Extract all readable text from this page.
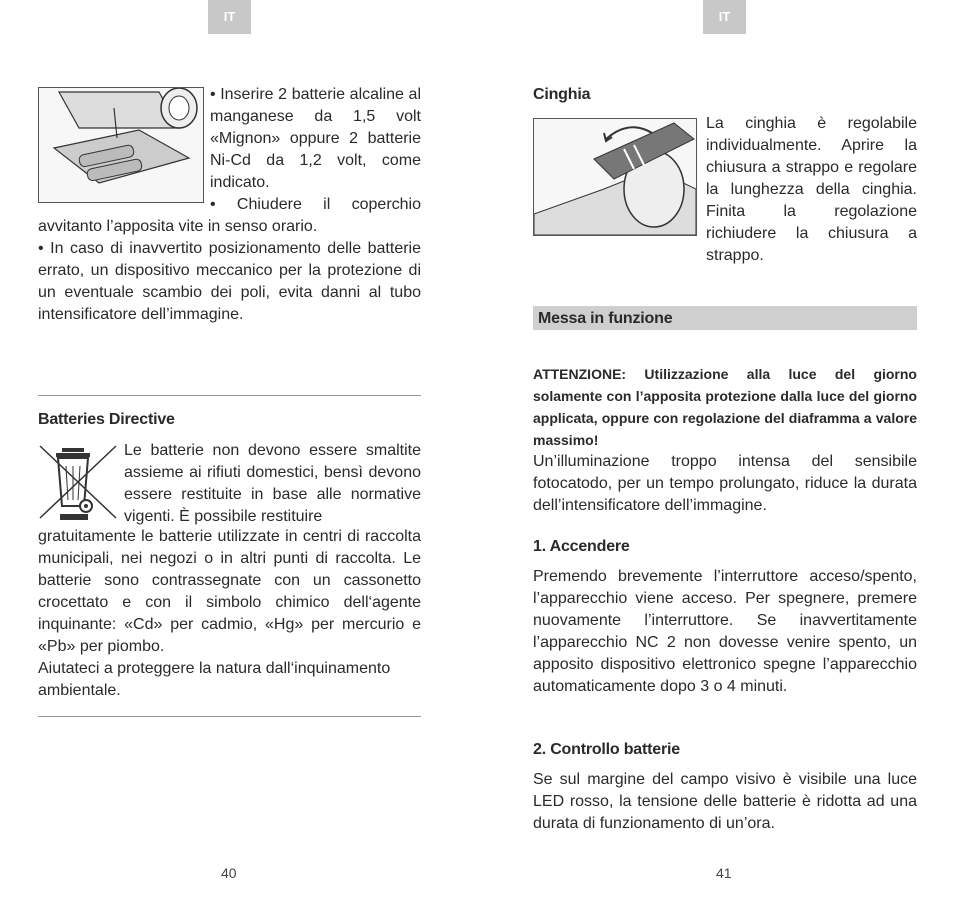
IT

• Inserire 2 batterie alcaline al manganese da 1,5 volt «Mignon» oppure 2 batterie Ni-Cd da 1,2 volt, come indicato.

• Chiudere il coperchio

avvitanto l’apposita vite in senso orario.

• In caso di inavvertito posizionamento delle batterie errato, un dispositivo meccanico per la protezione di un eventuale scambio dei poli, evita danni al tubo intensificatore dell’immagine.

Batteries Directive

Le batterie non devono essere smaltite assieme ai rifiuti domestici, bensì devono essere restituite in base alle normative vigenti. È possibile restituire

gratuitamente le batterie utilizzate in centri di raccolta municipali, nei negozi o in altri punti di raccolta. Le batterie sono contrassegnate con un cassonetto crocettato e con il simbolo chimico dell‘agente inquinante: «Cd» per cadmio, «Hg» per mercurio e «Pb» per piombo.

Aiutateci a proteggere la natura dall‘inquinamento ambientale.

40
IT
Cinghia

La cinghia è regolabile individualmente. Aprire la chiusura a strappo e regolare la lunghezza della cinghia. Finita la regolazione richiudere la chiusura a strappo.

Messa in funzione

ATTENZIONE: Utilizzazione alla luce del giorno solamente con l’apposita protezione dalla luce del giorno applicata, oppure con regolazione del diaframma a valore massimo!

Un’illuminazione troppo intensa del sensibile fotocatodo, per un tempo prolungato, riduce la durata dell’intensificatore dell’immagine.

1. Accendere

Premendo brevemente l’interruttore acceso/spento, l’apparecchio viene acceso. Per spegnere, premere nuovamente l’interruttore. Se inavvertitamente l’apparecchio NC 2 non dovesse venire spento, un apposito dispositivo elettronico spegne l’apparecchio automaticamente dopo 3 o 4 minuti.

2. Controllo batterie

Se sul margine del campo visivo è visibile una luce LED rosso, la tensione delle batterie è ridotta ad una durata di funzionamento di un’ora.

41
